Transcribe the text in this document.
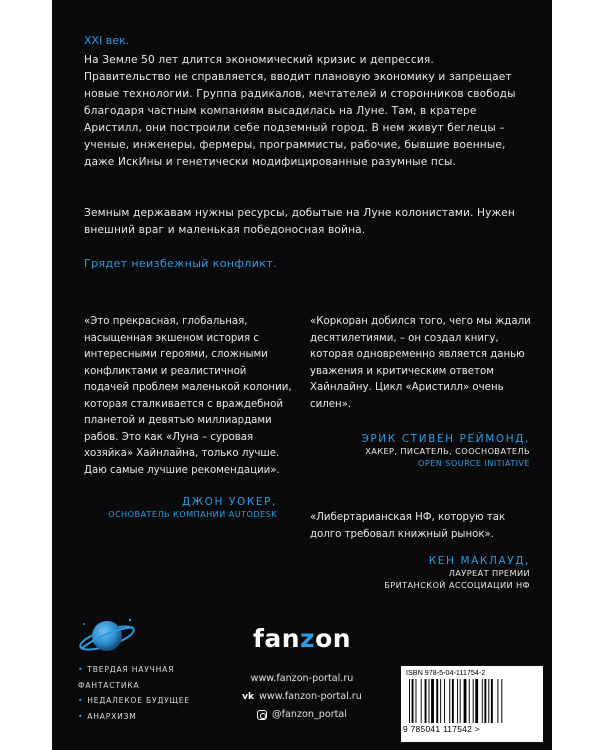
XXI век.

На Земле 50 лет длится экономический кризис и депрессия. Правительство не справляется, вводит плановую экономику и запрещает новые технологии. Группа радикалов, мечтателей и сторонников свободы благодаря частным компаниям высадилась на Луне. Там, в кратере Аристилл, они построили себе подземный город. В нем живут беглецы – ученые, инженеры, фермеры, программисты, рабочие, бывшие военные, даже ИскИны и генетически модифицированные разумные псы.

Земным державам нужны ресурсы, добытые на Луне колонистами. Нужен внешний враг и маленькая победоносная война.

Грядет неизбежный конфликт.

«Это прекрасная, глобальная, насыщенная экшеном история с интересными героями, сложными конфликтами и реалистичной подачей проблем маленькой колонии, которая сталкивается с враждебной планетой и девятью миллиардами рабов. Это как «Луна – суровая хозяйка» Хайнлайна, только лучше. Даю самые лучшие рекомендации».

ДЖОН УОКЕР,
ОСНОВАТЕЛЬ КОМПАНИИ AUTODESK

«Коркоран добился того, чего мы ждали десятилетиями, – он создал книгу, которая одновременно является данью уважения и критическим ответом Хайнлайну. Цикл «Аристилл» очень силен».

ЭРИК СТИВЕН РЕЙМОНД,
ХАКЕР, ПИСАТЕЛЬ, СООСНОВАТЕЛЬ
OPEN SOURCE INITIATIVE

«Либертарианская НФ, которую так долго требовал книжный рынок».

КЕН МАКЛАУД,
ЛАУРЕАТ ПРЕМИИ
БРИТАНСКОЙ АССОЦИАЦИИ НФ
• ТВЕРДАЯ НАУЧНАЯ ФАНТАСТИКА
• НЕДАЛЕКОЕ БУДУЩЕЕ
• АНАРХИЗМ
fanzon
www.fanzon-portal.ru
vk www.fanzon-portal.ru
@fanzon_portal
ISBN 978-5-04-111754-2
9 785041 117542 >
